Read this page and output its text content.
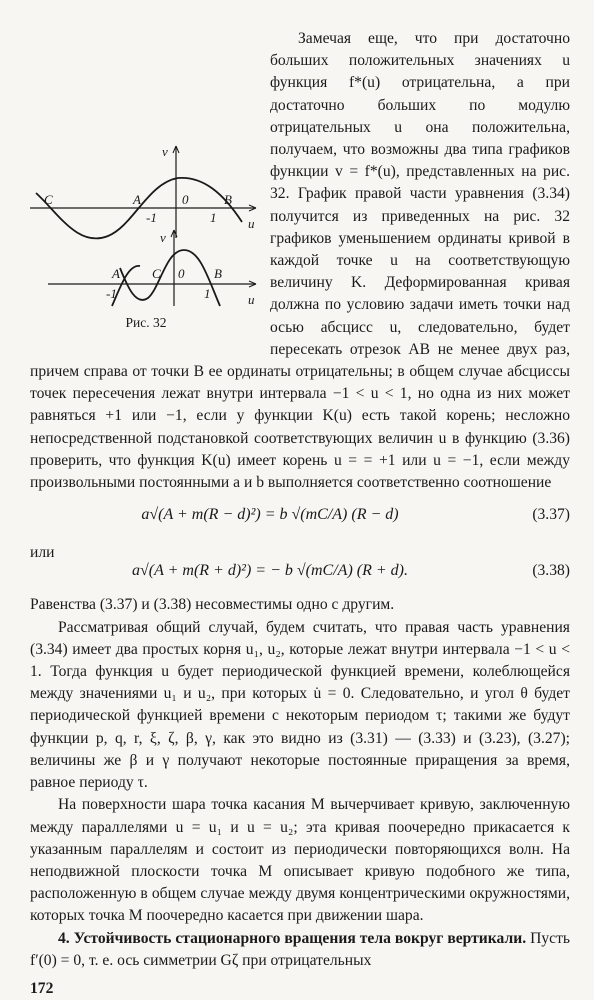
v
u
C	A	0	B
-1	1
v
u
A C 0 B
-1	1
Рис. 32

Замечая еще, что при достаточно больших положительных значениях u функция f*(u) отрицательна, а при достаточно больших по модулю отрицательных u она положительна, получаем, что возможны два типа графиков функции v = f*(u), представленных на рис. 32. График правой части уравнения (3.34) получится из приведенных на рис. 32 графиков уменьшением ординаты кривой в каждой точке u на соответствующую величину K. Деформированная кривая должна по условию задачи иметь точки над осью абсцисс u, следовательно, будет пересекать отрезок AB не менее двух раз, причем справа от точки B ее ординаты отрицательны; в общем случае абсциссы точек пересечения лежат внутри интервала −1 < u < 1, но одна из них может равняться +1 или −1, если у функции K(u) есть такой корень; несложно непосредственной подстановкой соответствующих величин u в функцию (3.36) проверить, что функция K(u) имеет корень u = = +1 или u = −1, если между произвольными постоянными a и b выполняется соответственно соотношение

a√(A + m(R − d)²) = b √(mC/A) (R − d)	(3.37)

или

a√(A + m(R + d)²) = − b √(mC/A) (R + d).	(3.38)

Равенства (3.37) и (3.38) несовместимы одно с другим.

Рассматривая общий случай, будем считать, что правая часть уравнения (3.34) имеет два простых корня u₁, u₂, которые лежат внутри интервала −1 < u < 1. Тогда функция u будет периодической функцией времени, колеблющейся между значениями u₁ и u₂, при которых u̇ = 0. Следовательно, и угол θ будет периодической функцией времени с некоторым периодом τ; такими же будут функции p, q, r, ξ, ζ, β, γ, как это видно из (3.31) — (3.33) и (3.23), (3.27); величины же β и γ получают некоторые постоянные приращения за время, равное периоду τ.

На поверхности шара точка касания M вычерчивает кривую, заключенную между параллелями u = u₁ и u = u₂; эта кривая поочередно прикасается к указанным параллелям и состоит из периодически повторяющихся волн. На неподвижной плоскости точка M описывает кривую подобного же типа, расположенную в общем случае между двумя концентрическими окружностями, которых точка M поочередно касается при движении шара.

4. Устойчивость стационарного вращения тела вокруг вертикали. Пусть f′(0) = 0, т. е. ось симметрии Gζ при отрицательных

172
